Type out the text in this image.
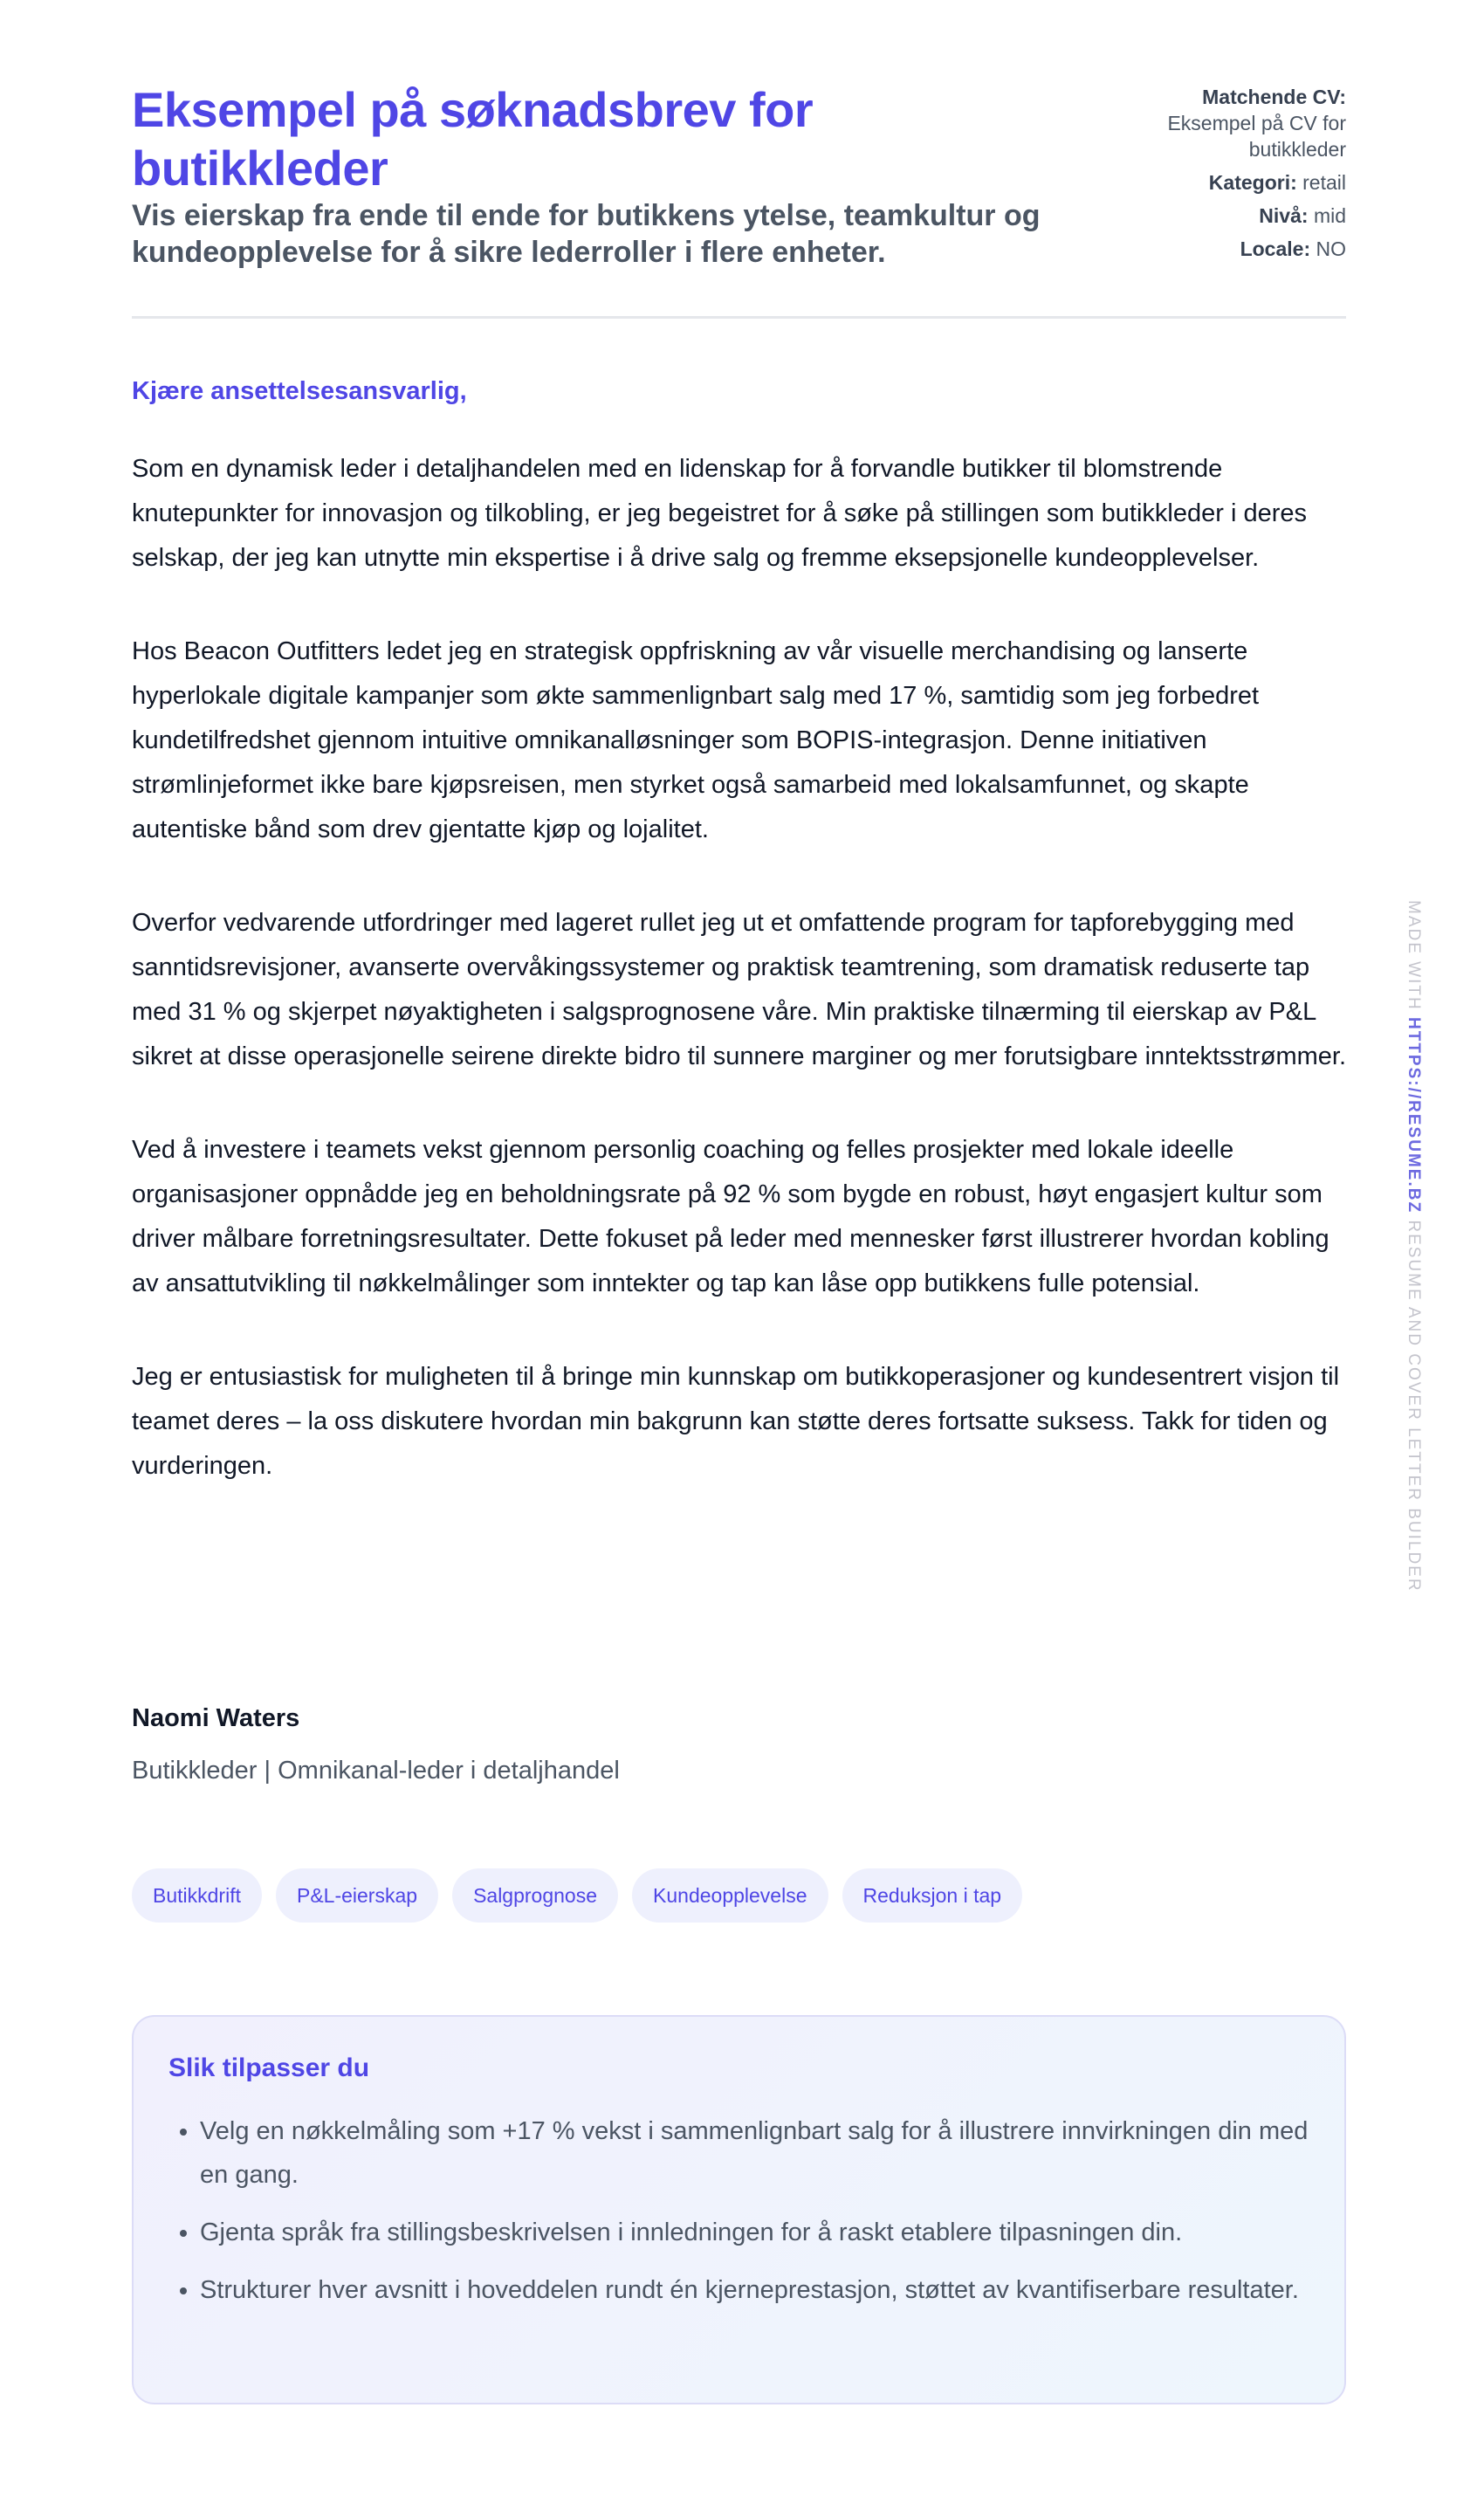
Eksempel på søknadsbrev for butikkleder

Vis eierskap fra ende til ende for butikkens ytelse, teamkultur og kundeopplevelse for å sikre lederroller i flere enheter.

Matchende CV:
Eksempel på CV for butikkleder
Kategori: retail
Nivå: mid
Locale: NO
Kjære ansettelsesansvarlig,

Som en dynamisk leder i detaljhandelen med en lidenskap for å forvandle butikker til blomstrende knutepunkter for innovasjon og tilkobling, er jeg begeistret for å søke på stillingen som butikkleder i deres selskap, der jeg kan utnytte min ekspertise i å drive salg og fremme eksepsjonelle kundeopplevelser.

Hos Beacon Outfitters ledet jeg en strategisk oppfriskning av vår visuelle merchandising og lanserte hyperlokale digitale kampanjer som økte sammenlignbart salg med 17 %, samtidig som jeg forbedret kundetilfredshet gjennom intuitive omnikanalløsninger som BOPIS-integrasjon. Denne initiativen strømlinjeformet ikke bare kjøpsreisen, men styrket også samarbeid med lokalsamfunnet, og skapte autentiske bånd som drev gjentatte kjøp og lojalitet.

Overfor vedvarende utfordringer med lageret rullet jeg ut et omfattende program for tapforebygging med sanntidsrevisjoner, avanserte overvåkingssystemer og praktisk teamtrening, som dramatisk reduserte tap med 31 % og skjerpet nøyaktigheten i salgsprognosene våre. Min praktiske tilnærming til eierskap av P&L sikret at disse operasjonelle seirene direkte bidro til sunnere marginer og mer forutsigbare inntektsstrømmer.

Ved å investere i teamets vekst gjennom personlig coaching og felles prosjekter med lokale ideelle organisasjoner oppnådde jeg en beholdningsrate på 92 % som bygde en robust, høyt engasjert kultur som driver målbare forretningsresultater. Dette fokuset på leder med mennesker først illustrerer hvordan kobling av ansattutvikling til nøkkelmålinger som inntekter og tap kan låse opp butikkens fulle potensial.

Jeg er entusiastisk for muligheten til å bringe min kunnskap om butikkoperasjoner og kundesentrert visjon til teamet deres – la oss diskutere hvordan min bakgrunn kan støtte deres fortsatte suksess. Takk for tiden og vurderingen.

Naomi Waters
Butikkleder | Omnikanal-leder i detaljhandel
Butikkdrift	P&L-eierskap	Salgprognose	Kundeopplevelse	Reduksjon i tap
Slik tilpasser du
• Velg en nøkkelmåling som +17 % vekst i sammenlignbart salg for å illustrere innvirkningen din med en gang.
• Gjenta språk fra stillingsbeskrivelsen i innledningen for å raskt etablere tilpasningen din.
• Strukturer hver avsnitt i hoveddelen rundt én kjerneprestasjon, støttet av kvantifiserbare resultater.
MADE WITH HTTPS://RESUME.BZ RESUME AND COVER LETTER BUILDER
